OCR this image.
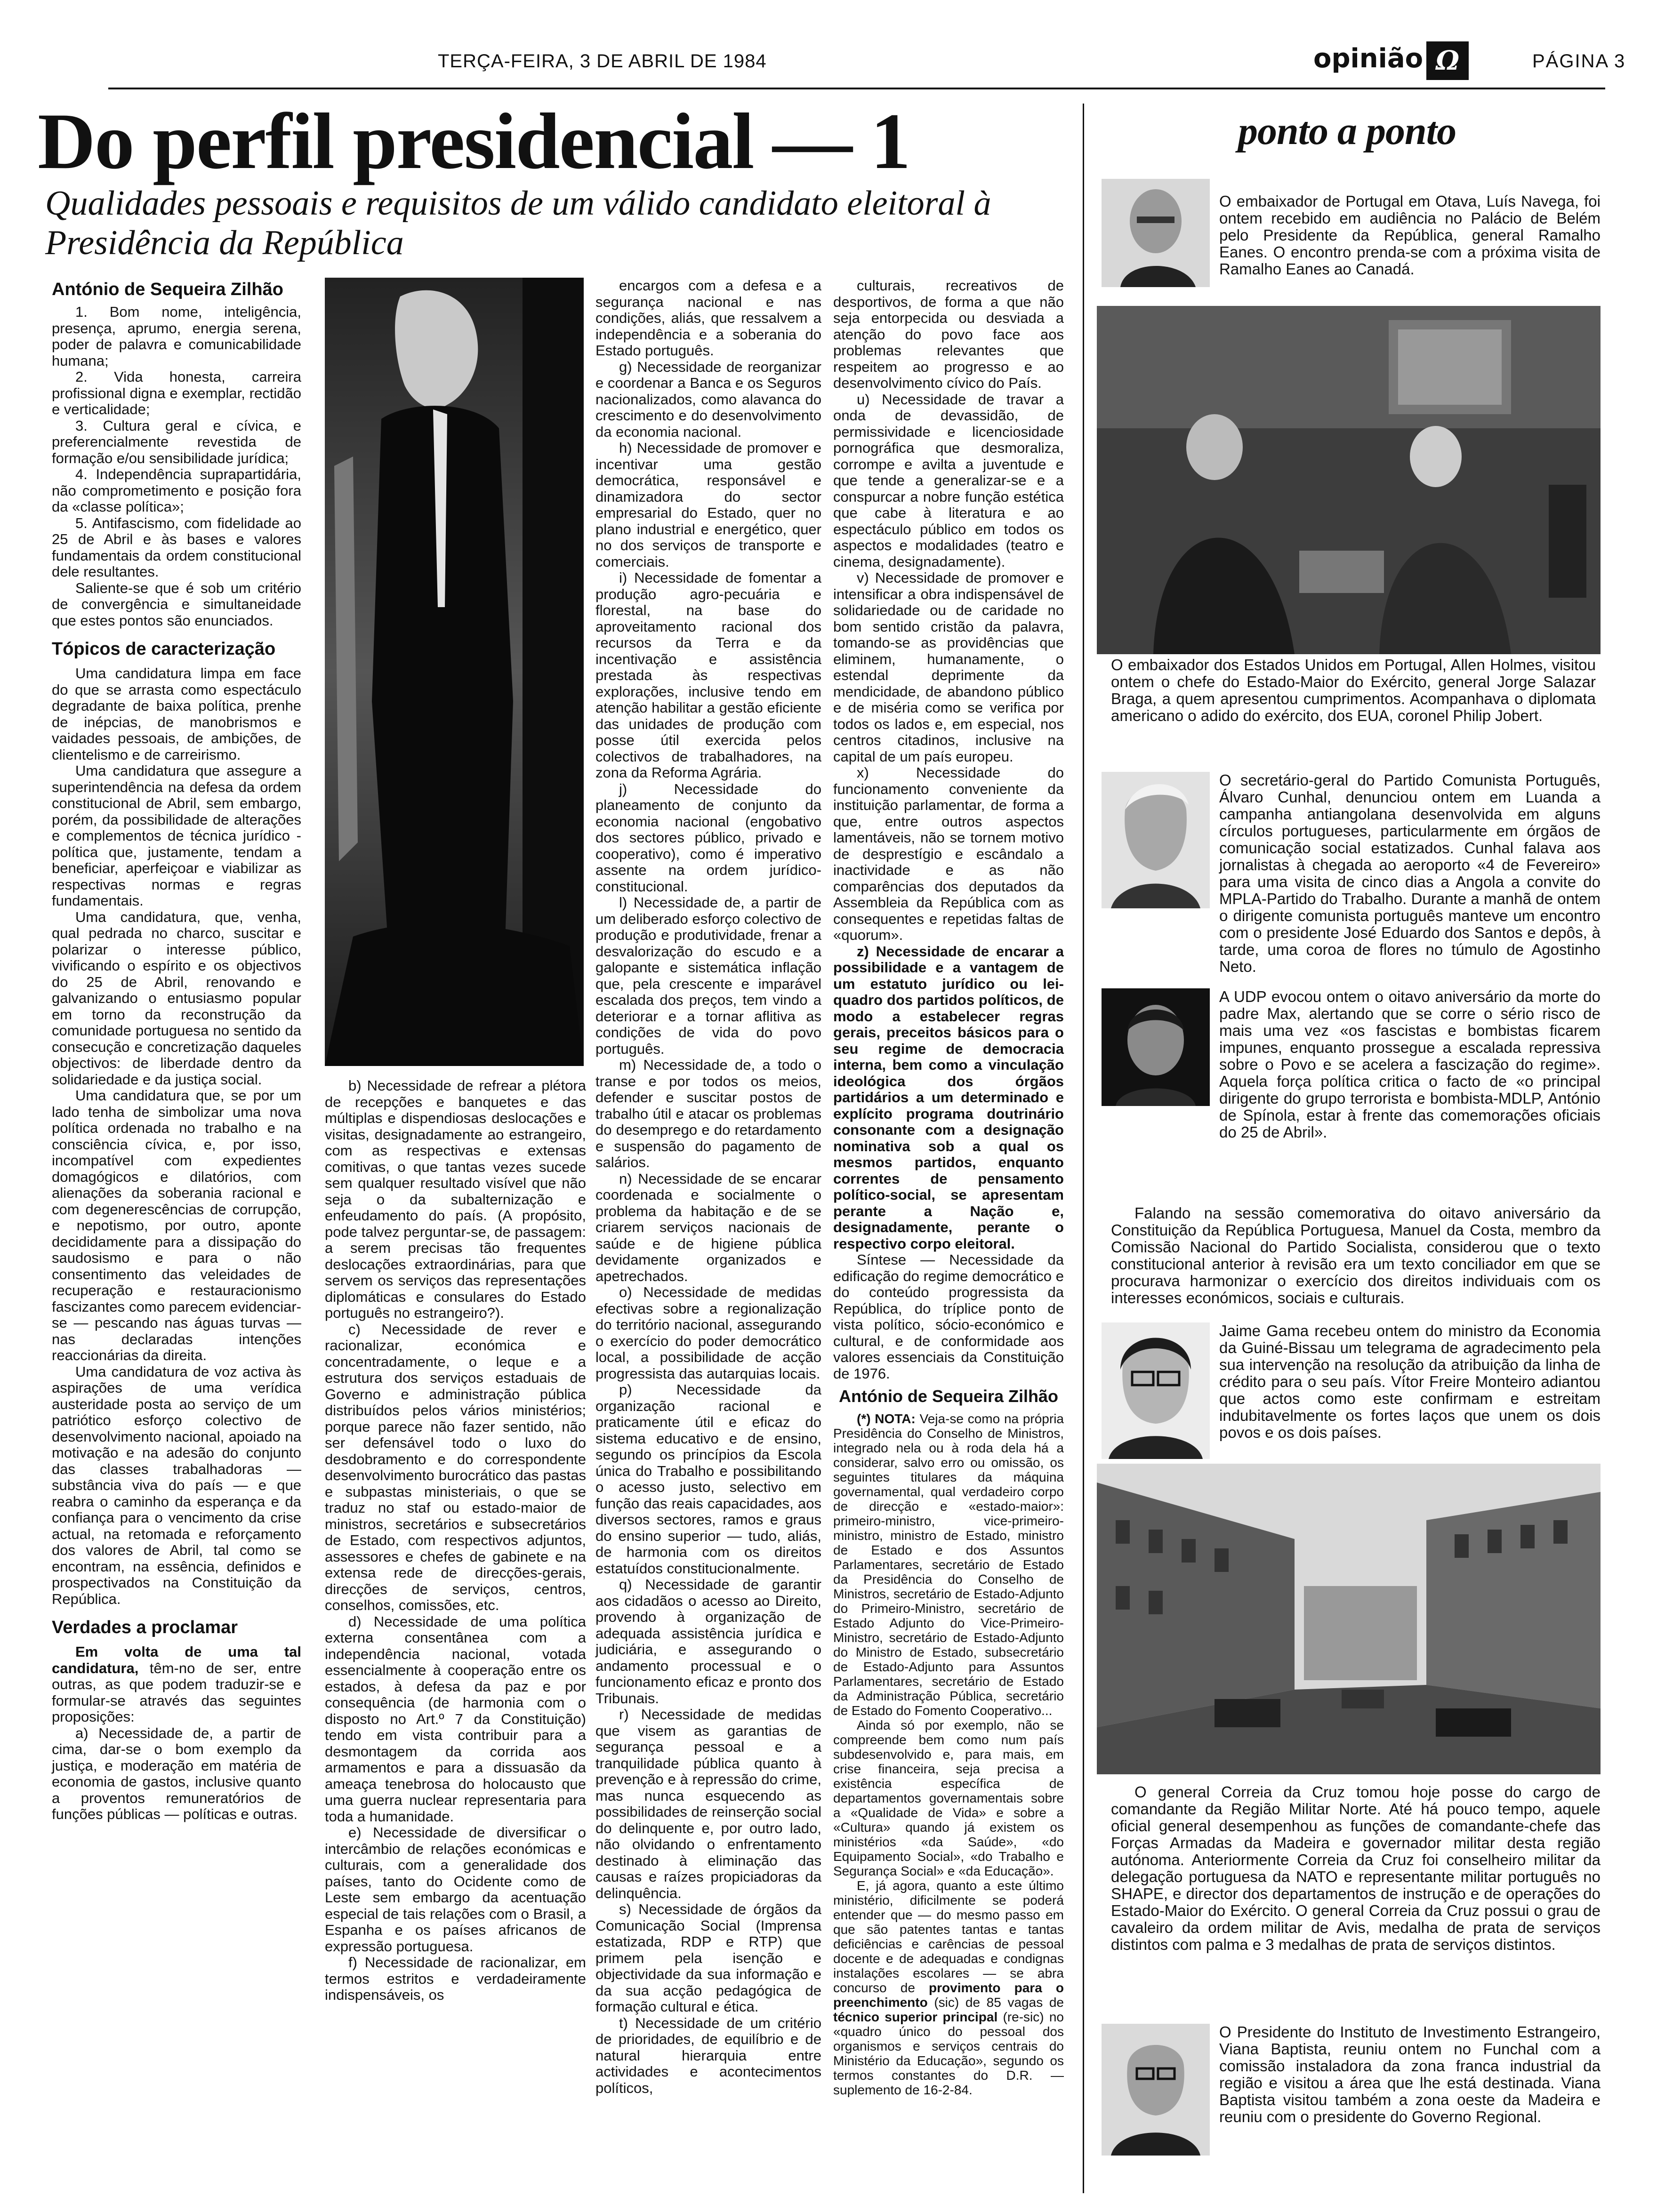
TERÇA-FEIRA, 3 DE ABRIL DE 1984	opinião Ω	PÁGINA 3
Do perfil presidencial — 1
Qualidades pessoais e requisitos de um válido candidato eleitoral à Presidência da República
António de Sequeira Zilhão

1. Bom nome, inteligência, presença, aprumo, energia serena, poder de palavra e comunicabilidade humana;

2. Vida honesta, carreira profissional digna e exemplar, rectidão e verticalidade;

3. Cultura geral e cívica, e preferencialmente revestida de formação e/ou sensibilidade jurídica;

4. Independência suprapartidária, não comprometimento e posição fora da «classe política»;

5. Antifascismo, com fidelidade ao 25 de Abril e às bases e valores fundamentais da ordem constitucional dele resultantes.

Saliente-se que é sob um critério de convergência e simultaneidade que estes pontos são enunciados.

Tópicos de caracterização

Uma candidatura limpa em face do que se arrasta como espectáculo degradante de baixa política, prenhe de inépcias, de manobrismos e vaidades pessoais, de ambições, de clientelismo e de carreirismo.

Uma candidatura que assegure a superintendência na defesa da ordem constitucional de Abril, sem embargo, porém, da possibilidade de alterações e complementos de técnica jurídico - política que, justamente, tendam a beneficiar, aperfeiçoar e viabilizar as respectivas normas e regras fundamentais.

Uma candidatura, que, venha, qual pedrada no charco, suscitar e polarizar o interesse público, vivificando o espírito e os objectivos do 25 de Abril, renovando e galvanizando o entusiasmo popular em torno da reconstrução da comunidade portuguesa no sentido da consecução e concretização daqueles objectivos: de liberdade dentro da solidariedade e da justiça social.

Uma candidatura que, se por um lado tenha de simbolizar uma nova política ordenada no trabalho e na consciência cívica, e, por isso, incompatível com expedientes domagógicos e dilatórios, com alienações da soberania racional e com degenerescências de corrupção, e nepotismo, por outro, aponte decididamente para a dissipação do saudosismo e para o não consentimento das veleidades de recuperação e restauracionismo fascizantes como parecem evidenciar-se — pescando nas águas turvas — nas declaradas intenções reaccionárias da direita.

Uma candidatura de voz activa às aspirações de uma verídica austeridade posta ao serviço de um patriótico esforço colectivo de desenvolvimento nacional, apoiado na motivação e na adesão do conjunto das classes trabalhadoras — substância viva do país — e que reabra o caminho da esperança e da confiança para o vencimento da crise actual, na retomada e reforçamento dos valores de Abril, tal como se encontram, na essência, definidos e prospectivados na Constituição da República.

Verdades a proclamar

Em volta de uma tal candidatura, têm-no de ser, entre outras, as que podem traduzir-se e formular-se através das seguintes proposições:

a) Necessidade de, a partir de cima, dar-se o bom exemplo da justiça, e moderação em matéria de economia de gastos, inclusive quanto a proventos remuneratórios de funções públicas — políticas e outras.

b) Necessidade de refrear a plétora de recepções e banquetes e das múltiplas e dispendiosas deslocações e visitas, designadamente ao estrangeiro, com as respectivas e extensas comitivas, o que tantas vezes sucede sem qualquer resultado visível que não seja o da subalternização e enfeudamento do país. (A propósito, pode talvez perguntar-se, de passagem: a serem precisas tão frequentes deslocações extraordinárias, para que servem os serviços das representações diplomáticas e consulares do Estado português no estrangeiro?).

c) Necessidade de rever e racionalizar, económica e concentradamente, o leque e a estrutura dos serviços estaduais de Governo e administração pública distribuídos pelos vários ministérios; porque parece não fazer sentido, não ser defensável todo o luxo do desdobramento e do correspondente desenvolvimento burocrático das pastas e subpastas ministeriais, o que se traduz no staf ou estado-maior de ministros, secretários e subsecretários de Estado, com respectivos adjuntos, assessores e chefes de gabinete e na extensa rede de direcções-gerais, direcções de serviços, centros, conselhos, comissões, etc.

d) Necessidade de uma política externa consentânea com a independência nacional, votada essencialmente à cooperação entre os estados, à defesa da paz e por consequência (de harmonia com o disposto no Art.º 7 da Constituição) tendo em vista contribuir para a desmontagem da corrida aos armamentos e para a dissuasão da ameaça tenebrosa do holocausto que uma guerra nuclear representaria para toda a humanidade.

e) Necessidade de diversificar o intercâmbio de relações económicas e culturais, com a generalidade dos países, tanto do Ocidente como de Leste sem embargo da acentuação especial de tais relações com o Brasil, a Espanha e os países africanos de expressão portuguesa.

f) Necessidade de racionalizar, em termos estritos e verdadeiramente indispensáveis, os

encargos com a defesa e a segurança nacional e nas condições, aliás, que ressalvem a independência e a soberania do Estado português.

g) Necessidade de reorganizar e coordenar a Banca e os Seguros nacionalizados, como alavanca do crescimento e do desenvolvimento da economia nacional.

h) Necessidade de promover e incentivar uma gestão democrática, responsável e dinamizadora do sector empresarial do Estado, quer no plano industrial e energético, quer no dos serviços de transporte e comerciais.

i) Necessidade de fomentar a produção agro-pecuária e florestal, na base do aproveitamento racional dos recursos da Terra e da incentivação e assistência prestada às respectivas explorações, inclusive tendo em atenção habilitar a gestão eficiente das unidades de produção com posse útil exercida pelos colectivos de trabalhadores, na zona da Reforma Agrária.

j) Necessidade do planeamento de conjunto da economia nacional (engobativo dos sectores público, privado e cooperativo), como é imperativo assente na ordem jurídico-constitucional.

l) Necessidade de, a partir de um deliberado esforço colectivo de produção e produtividade, frenar a desvalorização do escudo e a galopante e sistemática inflação que, pela crescente e imparável escalada dos preços, tem vindo a deteriorar e a tornar aflitiva as condições de vida do povo português.

m) Necessidade de, a todo o transe e por todos os meios, defender e suscitar postos de trabalho útil e atacar os problemas do desemprego e do retardamento e suspensão do pagamento de salários.

n) Necessidade de se encarar coordenada e socialmente o problema da habitação e de se criarem serviços nacionais de saúde e de higiene pública devidamente organizados e apetrechados.

o) Necessidade de medidas efectivas sobre a regionalização do território nacional, assegurando o exercício do poder democrático local, a possibilidade de acção progressista das autarquias locais.

p) Necessidade da organização racional e praticamente útil e eficaz do sistema educativo e de ensino, segundo os princípios da Escola única do Trabalho e possibilitando o acesso justo, selectivo em função das reais capacidades, aos diversos sectores, ramos e graus do ensino superior — tudo, aliás, de harmonia com os direitos estatuídos constitucionalmente.

q) Necessidade de garantir aos cidadãos o acesso ao Direito, provendo à organização de adequada assistência jurídica e judiciária, e assegurando o andamento processual e o funcionamento eficaz e pronto dos Tribunais.

r) Necessidade de medidas que visem as garantias de segurança pessoal e a tranquilidade pública quanto à prevenção e à repressão do crime, mas nunca esquecendo as possibilidades de reinserção social do delinquente e, por outro lado, não olvidando o enfrentamento destinado à eliminação das causas e raízes propiciadoras da delinquência.

s) Necessidade de órgãos da Comunicação Social (Imprensa estatizada, RDP e RTP) que primem pela isenção e objectividade da sua informação e da sua acção pedagógica de formação cultural e ética.

t) Necessidade de um critério de prioridades, de equilíbrio e de natural hierarquia entre actividades e acontecimentos políticos,

culturais, recreativos de desportivos, de forma a que não seja entorpecida ou desviada a atenção do povo face aos problemas relevantes que respeitem ao progresso e ao desenvolvimento cívico do País.

u) Necessidade de travar a onda de devassidão, de permissividade e licenciosidade pornográfica que desmoraliza, corrompe e avilta a juventude e que tende a generalizar-se e a conspurcar a nobre função estética que cabe à literatura e ao espectáculo público em todos os aspectos e modalidades (teatro e cinema, designadamente).

v) Necessidade de promover e intensificar a obra indispensável de solidariedade ou de caridade no bom sentido cristão da palavra, tomando-se as providências que eliminem, humanamente, o estendal deprimente da mendicidade, de abandono público e de miséria como se verifica por todos os lados e, em especial, nos centros citadinos, inclusive na capital de um país europeu.

x) Necessidade do funcionamento conveniente da instituição parlamentar, de forma a que, entre outros aspectos lamentáveis, não se tornem motivo de desprestígio e escândalo a inactividade e as não comparências dos deputados da Assembleia da República com as consequentes e repetidas faltas de «quorum».

z) Necessidade de encarar a possibilidade e a vantagem de um estatuto jurídico ou lei-quadro dos partidos políticos, de modo a estabelecer regras gerais, preceitos básicos para o seu regime de democracia interna, bem como a vinculação ideológica dos órgãos partidários a um determinado e explícito programa doutrinário consonante com a designação nominativa sob a qual os mesmos partidos, enquanto correntes de pensamento político-social, se apresentam perante a Nação e, designadamente, perante o respectivo corpo eleitoral.

Síntese — Necessidade da edificação do regime democrático e do conteúdo progressista da República, do tríplice ponto de vista político, sócio-económico e cultural, e de conformidade aos valores essenciais da Constituição de 1976.

António de Sequeira Zilhão

(*) NOTA: Veja-se como na própria Presidência do Conselho de Ministros, integrado nela ou à roda dela há a considerar, salvo erro ou omissão, os seguintes titulares da máquina governamental, qual verdadeiro corpo de direcção e «estado-maior»: primeiro-ministro, vice-primeiro-ministro, ministro de Estado, ministro de Estado e dos Assuntos Parlamentares, secretário de Estado da Presidência do Conselho de Ministros, secretário de Estado-Adjunto do Primeiro-Ministro, secretário de Estado Adjunto do Vice-Primeiro-Ministro, secretário de Estado-Adjunto do Ministro de Estado, subsecretário de Estado-Adjunto para Assuntos Parlamentares, secretário de Estado da Administração Pública, secretário de Estado do Fomento Cooperativo...

Ainda só por exemplo, não se compreende bem como num país subdesenvolvido e, para mais, em crise financeira, seja precisa a existência específica de departamentos governamentais sobre a «Qualidade de Vida» e sobre a «Cultura» quando já existem os ministérios «da Saúde», «do Equipamento Social», «do Trabalho e Segurança Social» e «da Educação».

E, já agora, quanto a este último ministério, dificilmente se poderá entender que — do mesmo passo em que são patentes tantas e tantas deficiências e carências de pessoal docente e de adequadas e condignas instalações escolares — se abra concurso de provimento para o preenchimento (sic) de 85 vagas de técnico superior principal (re-sic) no «quadro único do pessoal dos organismos e serviços centrais do Ministério da Educação», segundo os termos constantes do D.R. — suplemento de 16-2-84.

ponto a ponto

O embaixador de Portugal em Otava, Luís Navega, foi ontem recebido em audiência no Palácio de Belém pelo Presidente da República, general Ramalho Eanes. O encontro prenda-se com a próxima visita de Ramalho Eanes ao Canadá.

O embaixador dos Estados Unidos em Portugal, Allen Holmes, visitou ontem o chefe do Estado-Maior do Exército, general Jorge Salazar Braga, a quem apresentou cumprimentos. Acompanhava o diplomata americano o adido do exército, dos EUA, coronel Philip Jobert.

O secretário-geral do Partido Comunista Português, Álvaro Cunhal, denunciou ontem em Luanda a campanha antiangolana desenvolvida em alguns círculos portugueses, particularmente em órgãos de comunicação social estatizados. Cunhal falava aos jornalistas à chegada ao aeroporto «4 de Fevereiro» para uma visita de cinco dias a Angola a convite do MPLA-Partido do Trabalho. Durante a manhã de ontem o dirigente comunista português manteve um encontro com o presidente José Eduardo dos Santos e depôs, à tarde, uma coroa de flores no túmulo de Agostinho Neto.

A UDP evocou ontem o oitavo aniversário da morte do padre Max, alertando que se corre o sério risco de mais uma vez «os fascistas e bombistas ficarem impunes, enquanto prossegue a escalada repressiva sobre o Povo e se acelera a fascização do regime». Aquela força política critica o facto de «o principal dirigente do grupo terrorista e bombista-MDLP, António de Spínola, estar à frente das comemorações oficiais do 25 de Abril».

Falando na sessão comemorativa do oitavo aniversário da Constituição da República Portuguesa, Manuel da Costa, membro da Comissão Nacional do Partido Socialista, considerou que o texto constitucional anterior à revisão era um texto conciliador em que se procurava harmonizar o exercício dos direitos individuais com os interesses económicos, sociais e culturais.

Jaime Gama recebeu ontem do ministro da Economia da Guiné-Bissau um telegrama de agradecimento pela sua intervenção na resolução da atribuição da linha de crédito para o seu país. Vítor Freire Monteiro adiantou que actos como este confirmam e estreitam indubitavelmente os fortes laços que unem os dois povos e os dois países.

O general Correia da Cruz tomou hoje posse do cargo de comandante da Região Militar Norte. Até há pouco tempo, aquele oficial general desempenhou as funções de comandante-chefe das Forças Armadas da Madeira e governador militar desta região autónoma. Anteriormente Correia da Cruz foi conselheiro militar da delegação portuguesa da NATO e representante militar português no SHAPE, e director dos departamentos de instrução e de operações do Estado-Maior do Exército. O general Correia da Cruz possui o grau de cavaleiro da ordem militar de Avis, medalha de prata de serviços distintos com palma e 3 medalhas de prata de serviços distintos.

O Presidente do Instituto de Investimento Estrangeiro, Viana Baptista, reuniu ontem no Funchal com a comissão instaladora da zona franca industrial da região e visitou a área que lhe está destinada. Viana Baptista visitou também a zona oeste da Madeira e reuniu com o presidente do Governo Regional.
